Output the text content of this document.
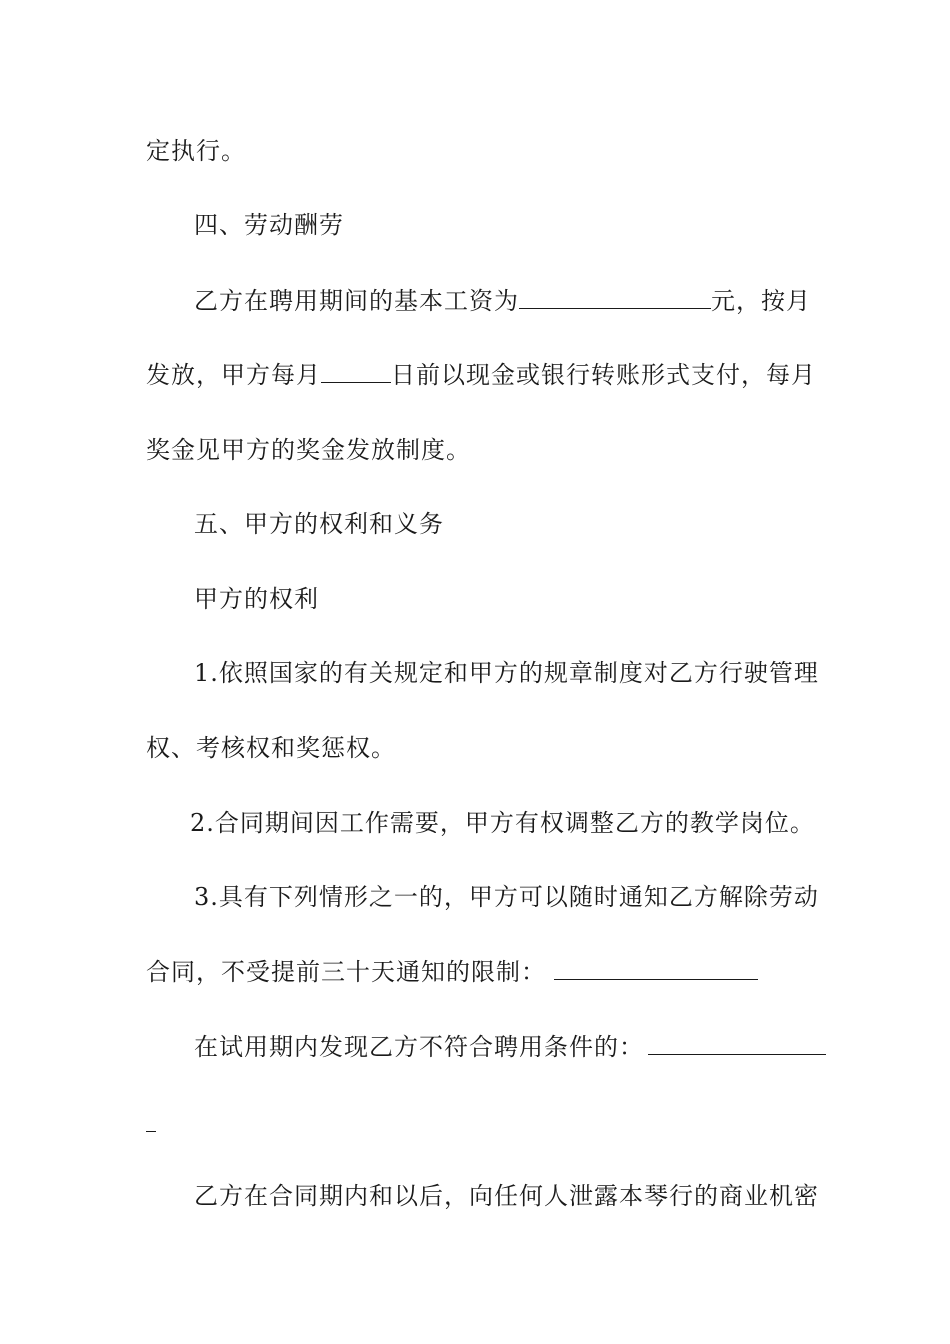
定执行。
四、劳动酬劳
乙方在聘用期间的基本工资为	元，按月
发放，甲方每月	日前以现金或银行转账形式支付，每月
奖金见甲方的奖金发放制度。
五、甲方的权利和义务
甲方的权利
1.依照国家的有关规定和甲方的规章制度对乙方行驶管理
权、考核权和奖惩权。
2.合同期间因工作需要，甲方有权调整乙方的教学岗位。
3.具有下列情形之一的，甲方可以随时通知乙方解除劳动
合同，不受提前三十天通知的限制：
在试用期内发现乙方不符合聘用条件的：
乙方在合同期内和以后，向任何人泄露本琴行的商业机密
